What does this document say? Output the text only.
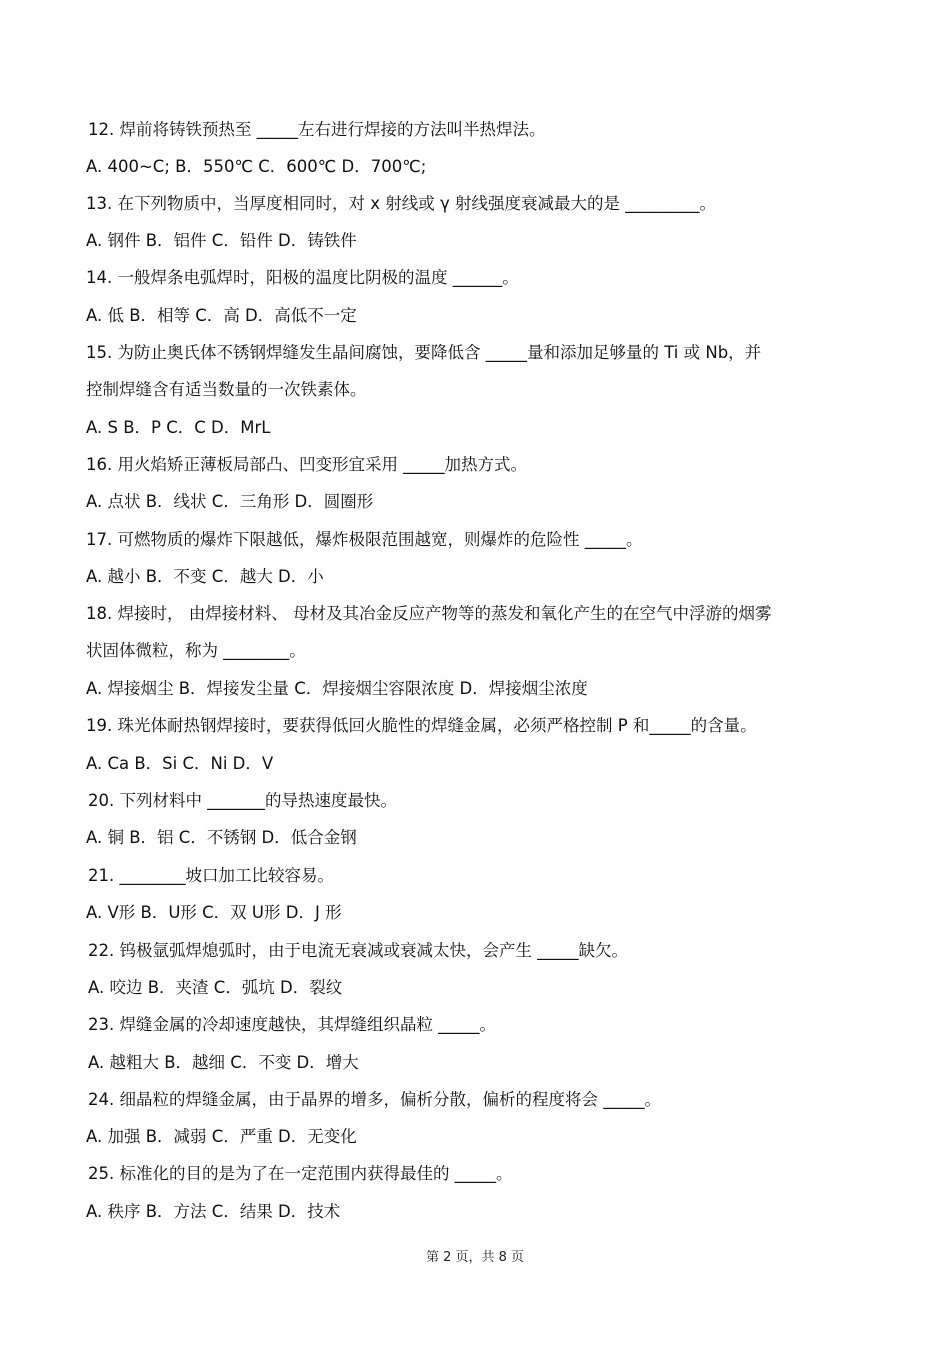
12. 焊前将铸铁预热至 _____左右进行焊接的方法叫半热焊法。
A. 400~C; B．550℃ C．600℃ D．700℃;
13. 在下列物质中，当厚度相同时，对 x 射线或 γ 射线强度衰减最大的是 _________。
A. 钢件 B．铝件 C．铅件 D．铸铁件
14. 一般焊条电弧焊时，阳极的温度比阴极的温度 ______。
A. 低 B．相等 C．高 D．高低不一定
15. 为防止奥氏体不锈钢焊缝发生晶间腐蚀，要降低含 _____量和添加足够量的 Ti 或 Nb，并
控制焊缝含有适当数量的一次铁素体。
A. S B．P C．C D．MrL
16. 用火焰矫正薄板局部凸、凹变形宜采用 _____加热方式。
A. 点状 B．线状 C．三角形 D．圆圈形
17. 可燃物质的爆炸下限越低，爆炸极限范围越宽，则爆炸的危险性 _____。
A. 越小 B．不变 C．越大 D．小
18. 焊接时， 由焊接材料、 母材及其冶金反应产物等的蒸发和氧化产生的在空气中浮游的烟雾
状固体微粒，称为 ________。
A. 焊接烟尘 B．焊接发尘量 C．焊接烟尘容限浓度 D．焊接烟尘浓度
19. 珠光体耐热钢焊接时，要获得低回火脆性的焊缝金属，必须严格控制 P 和_____的含量。
A. Ca B．Si C．Ni D．V
20. 下列材料中 _______的导热速度最快。
A. 铜 B．铝 C．不锈钢 D．低合金钢
21. ________坡口加工比较容易。
A. V形 B．U形 C．双 U形 D．J 形
22. 钨极氩弧焊熄弧时，由于电流无衰减或衰减太快，会产生 _____缺欠。
A. 咬边 B．夹渣 C．弧坑 D．裂纹
23. 焊缝金属的冷却速度越快，其焊缝组织晶粒 _____。
A. 越粗大 B．越细 C．不变 D．增大
24. 细晶粒的焊缝金属，由于晶界的增多，偏析分散，偏析的程度将会 _____。
A. 加强 B．减弱 C．严重 D．无变化
25. 标准化的目的是为了在一定范围内获得最佳的 _____。
A. 秩序 B．方法 C．结果 D．技术
第 2 页，共 8 页
